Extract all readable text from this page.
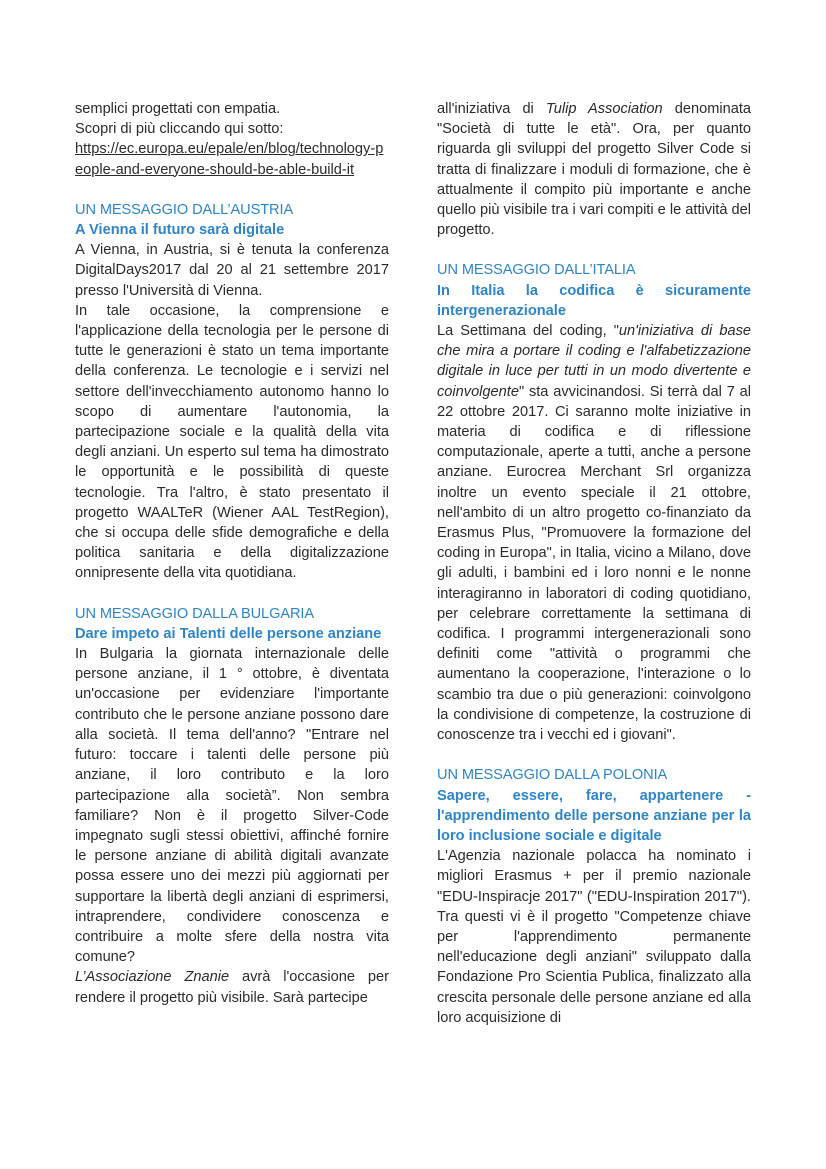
semplici progettati con empatia.

Scopri di più cliccando qui sotto:

https://ec.europa.eu/epale/en/blog/technology-people-and-everyone-should-be-able-build-it

UN MESSAGGIO DALL’AUSTRIA
A Vienna il futuro sarà digitale

A Vienna, in Austria, si è tenuta la conferenza DigitalDays2017 dal 20 al 21 settembre 2017 presso l'Università di Vienna.

In tale occasione, la comprensione e l'applicazione della tecnologia per le persone di tutte le generazioni è stato un tema importante della conferenza. Le tecnologie e i servizi nel settore dell'invecchiamento autonomo hanno lo scopo di aumentare l'autonomia, la partecipazione sociale e la qualità della vita degli anziani. Un esperto sul tema ha dimostrato le opportunità e le possibilità di queste tecnologie. Tra l'altro, è stato presentato il progetto WAALTeR (Wiener AAL TestRegion), che si occupa delle sfide demografiche e della politica sanitaria e della digitalizzazione onnipresente della vita quotidiana.

UN MESSAGGIO DALLA BULGARIA
Dare impeto ai Talenti delle persone anziane

In Bulgaria la giornata internazionale delle persone anziane, il 1 ° ottobre, è diventata un'occasione per evidenziare l'importante contributo che le persone anziane possono dare alla società. Il tema dell'anno? "Entrare nel futuro: toccare i talenti delle persone più anziane, il loro contributo e la loro partecipazione alla società”. Non sembra familiare? Non è il progetto Silver-Code impegnato sugli stessi obiettivi, affinché fornire le persone anziane di abilità digitali avanzate possa essere uno dei mezzi più aggiornati per supportare la libertà degli anziani di esprimersi, intraprendere, condividere conoscenza e contribuire a molte sfere della nostra vita comune?

L’Associazione Znanie avrà l'occasione per rendere il progetto più visibile. Sarà partecipe

all'iniziativa di Tulip Association denominata "Società di tutte le età". Ora, per quanto riguarda gli sviluppi del progetto Silver Code si tratta di finalizzare i moduli di formazione, che è attualmente il compito più importante e anche quello più visibile tra i vari compiti e le attività del progetto.

UN MESSAGGIO DALL’ITALIA
In Italia la codifica è sicuramente intergenerazionale

La Settimana del coding, "un'iniziativa di base che mira a portare il coding e l'alfabetizzazione digitale in luce per tutti in un modo divertente e coinvolgente" sta avvicinandosi. Si terrà dal 7 al 22 ottobre 2017. Ci saranno molte iniziative in materia di codifica e di riflessione computazionale, aperte a tutti, anche a persone anziane. Eurocrea Merchant Srl organizza inoltre un evento speciale il 21 ottobre, nell'ambito di un altro progetto co-finanziato da Erasmus Plus, "Promuovere la formazione del coding in Europa", in Italia, vicino a Milano, dove gli adulti, i bambini ed i loro nonni e le nonne interagiranno in laboratori di coding quotidiano, per celebrare correttamente la settimana di codifica. I programmi intergenerazionali sono definiti come "attività o programmi che aumentano la cooperazione, l'interazione o lo scambio tra due o più generazioni: coinvolgono la condivisione di competenze, la costruzione di conoscenze tra i vecchi ed i giovani".

UN MESSAGGIO DALLA POLONIA
Sapere, essere, fare, appartenere - l'apprendimento delle persone anziane per la loro inclusione sociale e digitale

L'Agenzia nazionale polacca ha nominato i migliori Erasmus + per il premio nazionale "EDU-Inspiracje 2017" ("EDU-Inspiration 2017"). Tra questi vi è il progetto "Competenze chiave per l'apprendimento permanente nell'educazione degli anziani" sviluppato dalla Fondazione Pro Scientia Publica, finalizzato alla crescita personale delle persone anziane ed alla loro acquisizione di
